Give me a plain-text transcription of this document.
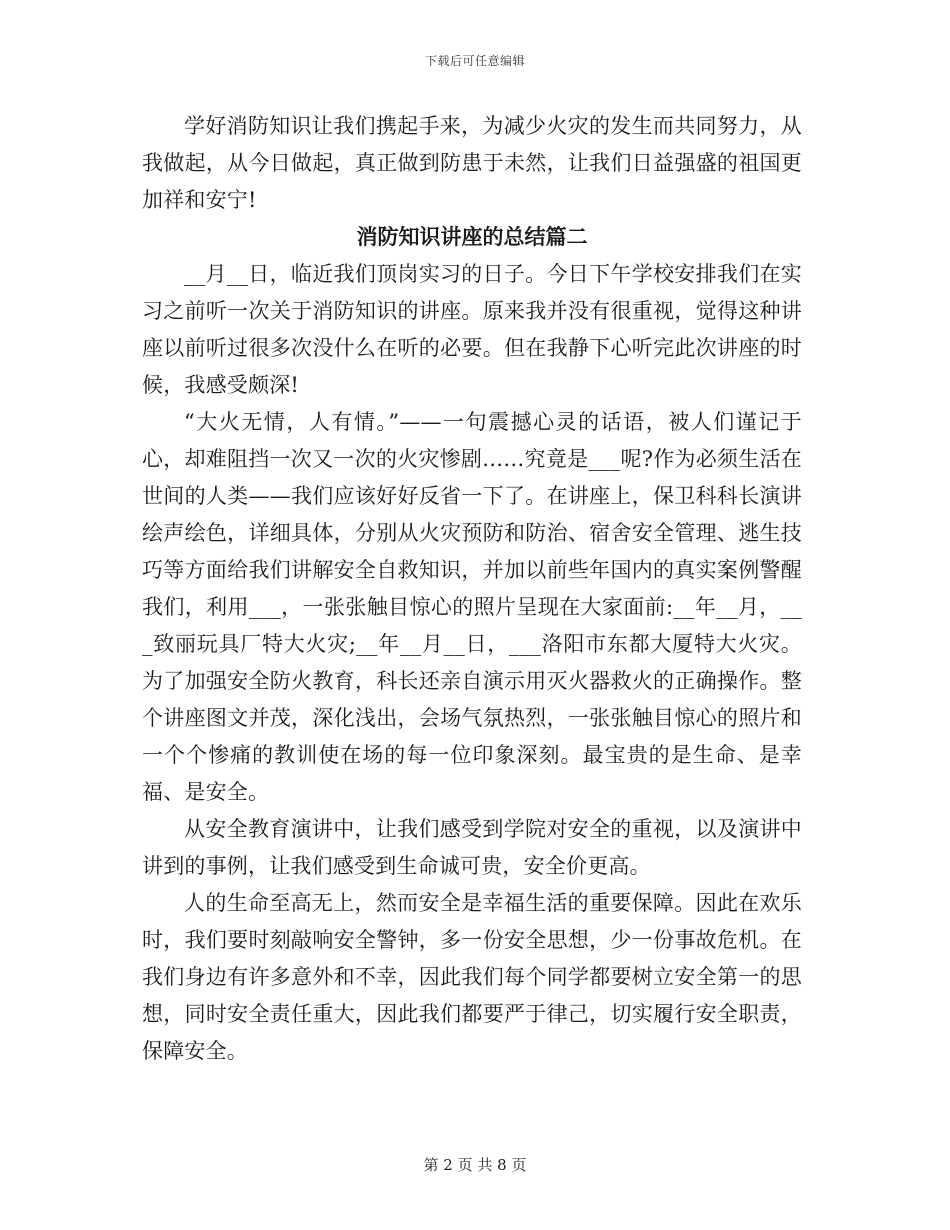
下载后可任意编辑

学好消防知识让我们携起手来，为减少火灾的发生而共同努力，从我做起，从今日做起，真正做到防患于未然，让我们日益强盛的祖国更加祥和安宁!

消防知识讲座的总结篇二

__月__日，临近我们顶岗实习的日子。今日下午学校安排我们在实习之前听一次关于消防知识的讲座。原来我并没有很重视，觉得这种讲座以前听过很多次没什么在听的必要。但在我静下心听完此次讲座的时候，我感受颇深!

“大火无情，人有情。”——一句震撼心灵的话语，被人们谨记于心，却难阻挡一次又一次的火灾惨剧……究竟是___呢?作为必须生活在世间的人类——我们应该好好反省一下了。在讲座上，保卫科科长演讲绘声绘色，详细具体，分别从火灾预防和防治、宿舍安全管理、逃生技巧等方面给我们讲解安全自救知识，并加以前些年国内的真实案例警醒我们，利用___，一张张触目惊心的照片呈现在大家面前:__年__月，___致丽玩具厂特大火灾;__年__月__日，___洛阳市东都大厦特大火灾。为了加强安全防火教育，科长还亲自演示用灭火器救火的正确操作。整个讲座图文并茂，深化浅出，会场气氛热烈，一张张触目惊心的照片和一个个惨痛的教训使在场的每一位印象深刻。最宝贵的是生命、是幸福、是安全。

从安全教育演讲中，让我们感受到学院对安全的重视，以及演讲中讲到的事例，让我们感受到生命诚可贵，安全价更高。

人的生命至高无上，然而安全是幸福生活的重要保障。因此在欢乐时，我们要时刻敲响安全警钟，多一份安全思想，少一份事故危机。在我们身边有许多意外和不幸，因此我们每个同学都要树立安全第一的思想，同时安全责任重大，因此我们都要严于律己，切实履行安全职责，保障安全。

第 2 页 共 8 页
